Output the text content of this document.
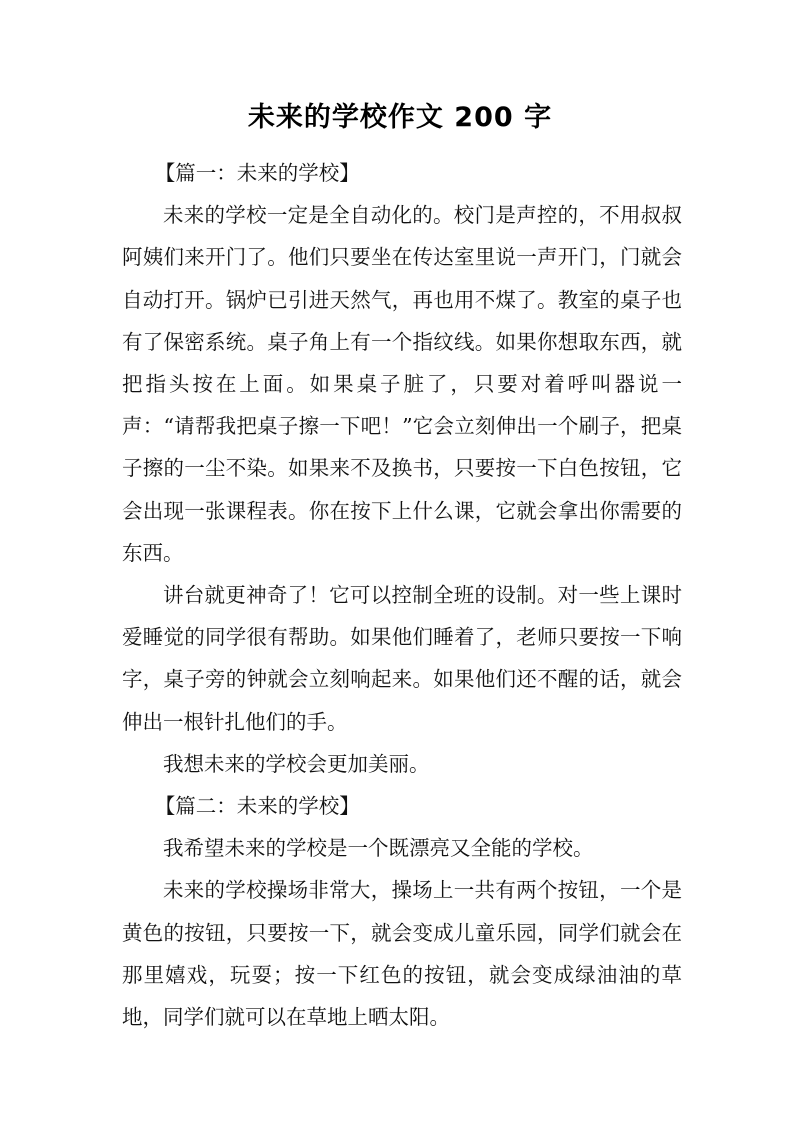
未来的学校作文 200 字

【篇一：未来的学校】

未来的学校一定是全自动化的。校门是声控的，不用叔叔阿姨们来开门了。他们只要坐在传达室里说一声开门，门就会自动打开。锅炉已引进天然气，再也用不煤了。教室的桌子也有了保密系统。桌子角上有一个指纹线。如果你想取东西，就把指头按在上面。如果桌子脏了，只要对着呼叫器说一声：“请帮我把桌子擦一下吧！”它会立刻伸出一个刷子，把桌子擦的一尘不染。如果来不及换书，只要按一下白色按钮，它会出现一张课程表。你在按下上什么课，它就会拿出你需要的东西。

讲台就更神奇了！它可以控制全班的设制。对一些上课时爱睡觉的同学很有帮助。如果他们睡着了，老师只要按一下响字，桌子旁的钟就会立刻响起来。如果他们还不醒的话，就会伸出一根针扎他们的手。

我想未来的学校会更加美丽。

【篇二：未来的学校】

我希望未来的学校是一个既漂亮又全能的学校。

未来的学校操场非常大，操场上一共有两个按钮，一个是黄色的按钮，只要按一下，就会变成儿童乐园，同学们就会在那里嬉戏，玩耍；按一下红色的按钮，就会变成绿油油的草地，同学们就可以在草地上晒太阳。
